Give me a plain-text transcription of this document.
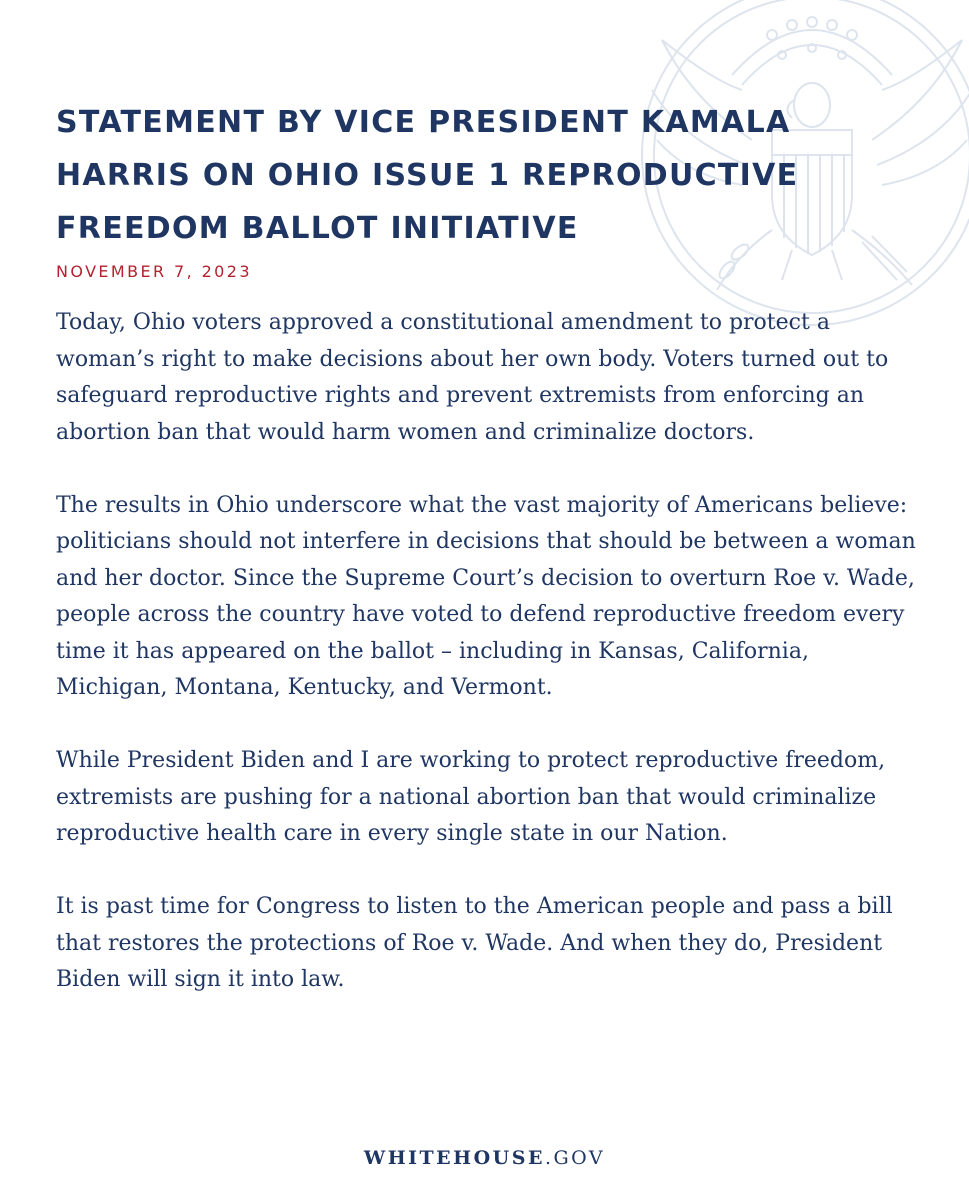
STATEMENT BY VICE PRESIDENT KAMALA HARRIS ON OHIO ISSUE 1 REPRODUCTIVE FREEDOM BALLOT INITIATIVE
NOVEMBER 7, 2023

Today, Ohio voters approved a constitutional amendment to protect a woman’s right to make decisions about her own body. Voters turned out to safeguard reproductive rights and prevent extremists from enforcing an abortion ban that would harm women and criminalize doctors.

The results in Ohio underscore what the vast majority of Americans believe: politicians should not interfere in decisions that should be between a woman and her doctor. Since the Supreme Court’s decision to overturn Roe v. Wade, people across the country have voted to defend reproductive freedom every time it has appeared on the ballot – including in Kansas, California, Michigan, Montana, Kentucky, and Vermont.

While President Biden and I are working to protect reproductive freedom, extremists are pushing for a national abortion ban that would criminalize reproductive health care in every single state in our Nation.

It is past time for Congress to listen to the American people and pass a bill that restores the protections of Roe v. Wade. And when they do, President Biden will sign it into law.

WHITEHOUSE.GOV
